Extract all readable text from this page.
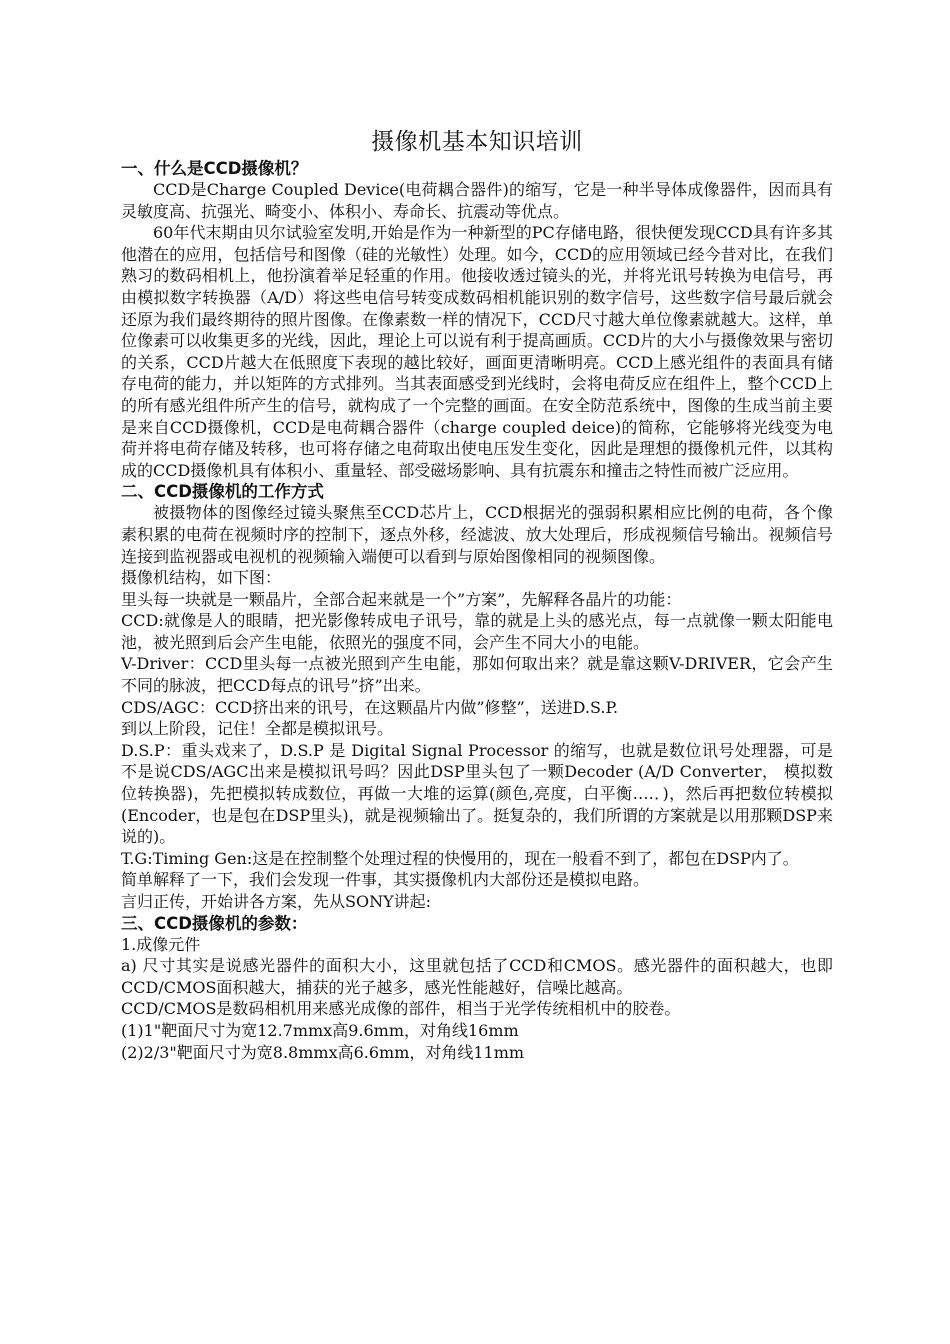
摄像机基本知识培训
一、什么是CCD摄像机？

CCD是Charge Coupled Device(电荷耦合器件)的缩写，它是一种半导体成像器件，因而具有灵敏度高、抗强光、畸变小、体积小、寿命长、抗震动等优点。

60年代末期由贝尔试验室发明,开始是作为一种新型的PC存储电路，很快便发现CCD具有许多其他潜在的应用，包括信号和图像（硅的光敏性）处理。如今，CCD的应用领域已经今昔对比，在我们熟习的数码相机上，他扮演着举足轻重的作用。他接收透过镜头的光，并将光讯号转换为电信号，再由模拟数字转换器（A/D）将这些电信号转变成数码相机能识别的数字信号，这些数字信号最后就会还原为我们最终期待的照片图像。在像素数一样的情况下，CCD尺寸越大单位像素就越大。这样，单位像素可以收集更多的光线，因此，理论上可以说有利于提高画质。CCD片的大小与摄像效果与密切的关系，CCD片越大在低照度下表现的越比较好，画面更清晰明亮。CCD上感光组件的表面具有储存电荷的能力，并以矩阵的方式排列。当其表面感受到光线时，会将电荷反应在组件上，整个CCD上的所有感光组件所产生的信号，就构成了一个完整的画面。在安全防范系统中，图像的生成当前主要是来自CCD摄像机，CCD是电荷耦合器件（charge coupled deice)的简称，它能够将光线变为电荷并将电荷存储及转移，也可将存储之电荷取出使电压发生变化，因此是理想的摄像机元件，以其构成的CCD摄像机具有体积小、重量轻、部受磁场影响、具有抗震东和撞击之特性而被广泛应用。

二、CCD摄像机的工作方式

被摄物体的图像经过镜头聚焦至CCD芯片上，CCD根据光的强弱积累相应比例的电荷，各个像素积累的电荷在视频时序的控制下，逐点外移，经滤波、放大处理后，形成视频信号输出。视频信号连接到监视器或电视机的视频输入端便可以看到与原始图像相同的视频图像。

摄像机结构，如下图：

里头每一块就是一颗晶片，全部合起来就是一个”方案”，先解释各晶片的功能：

CCD:就像是人的眼睛，把光影像转成电子讯号，靠的就是上头的感光点，每一点就像一颗太阳能电池，被光照到后会产生电能，依照光的强度不同，会产生不同大小的电能。

V-Driver：CCD里头每一点被光照到产生电能，那如何取出来？就是靠这颗V-DRIVER，它会产生不同的脉波，把CCD每点的讯号”挤”出来。

CDS/AGC：CCD挤出来的讯号，在这颗晶片内做”修整”，送进D.S.P.

到以上阶段，记住！全都是模拟讯号。

D.S.P：重头戏来了，D.S.P 是 Digital Signal Processor 的缩写，也就是数位讯号处理器，可是不是说CDS/AGC出来是模拟讯号吗？因此DSP里头包了一颗Decoder (A/D Converter， 模拟数位转换器)，先把模拟转成数位，再做一大堆的运算(颜色,亮度，白平衡….．)，然后再把数位转模拟(Encoder，也是包在DSP里头)，就是视频输出了。挺复杂的，我们所谓的方案就是以用那颗DSP来说的)。

T.G:Timing Gen:这是在控制整个处理过程的快慢用的，现在一般看不到了，都包在DSP内了。

简单解释了一下，我们会发现一件事，其实摄像机内大部份还是模拟电路。

言归正传，开始讲各方案，先从SONY讲起:

三、CCD摄像机的参数：

1.成像元件

a) 尺寸其实是说感光器件的面积大小，这里就包括了CCD和CMOS。感光器件的面积越大，也即CCD/CMOS面积越大，捕获的光子越多，感光性能越好，信噪比越高。

CCD/CMOS是数码相机用来感光成像的部件，相当于光学传统相机中的胶卷。

(1)1"靶面尺寸为宽12.7mmx高9.6mm，对角线16mm

(2)2/3"靶面尺寸为宽8.8mmx高6.6mm，对角线11mm
